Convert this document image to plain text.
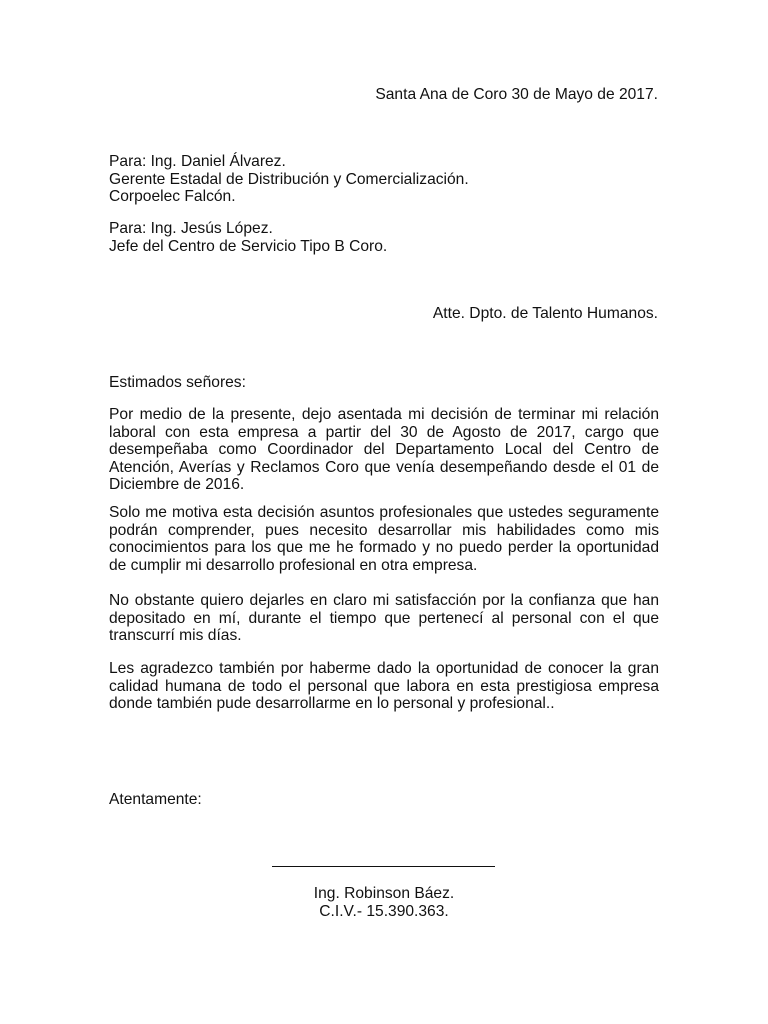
Santa Ana de Coro 30 de Mayo de 2017.

Para: Ing. Daniel Álvarez.

Gerente Estadal de Distribución y Comercialización.

Corpoelec Falcón.

Para: Ing. Jesús López.

Jefe del Centro de Servicio Tipo B Coro.

Atte. Dpto. de Talento Humanos.
Estimados señores:

Por medio de la presente, dejo asentada mi decisión de terminar mi relación laboral con esta empresa a partir del 30 de Agosto de 2017, cargo que desempeñaba como Coordinador del Departamento Local del Centro de Atención, Averías y Reclamos Coro que venía desempeñando desde el 01 de Diciembre de 2016.

Solo me motiva esta decisión asuntos profesionales que ustedes seguramente podrán comprender, pues necesito desarrollar mis habilidades como mis conocimientos para los que me he formado y no puedo perder la oportunidad de cumplir mi desarrollo profesional en otra empresa.

No obstante quiero dejarles en claro mi satisfacción por la confianza que han depositado en mí, durante el tiempo que pertenecí al personal con el que transcurrí mis días.

Les agradezco también por haberme dado la oportunidad de conocer la gran calidad humana de todo el personal que labora en esta prestigiosa empresa donde también pude desarrollarme en lo personal y profesional..

Atentamente:
Ing. Robinson Báez.
C.I.V.- 15.390.363.
